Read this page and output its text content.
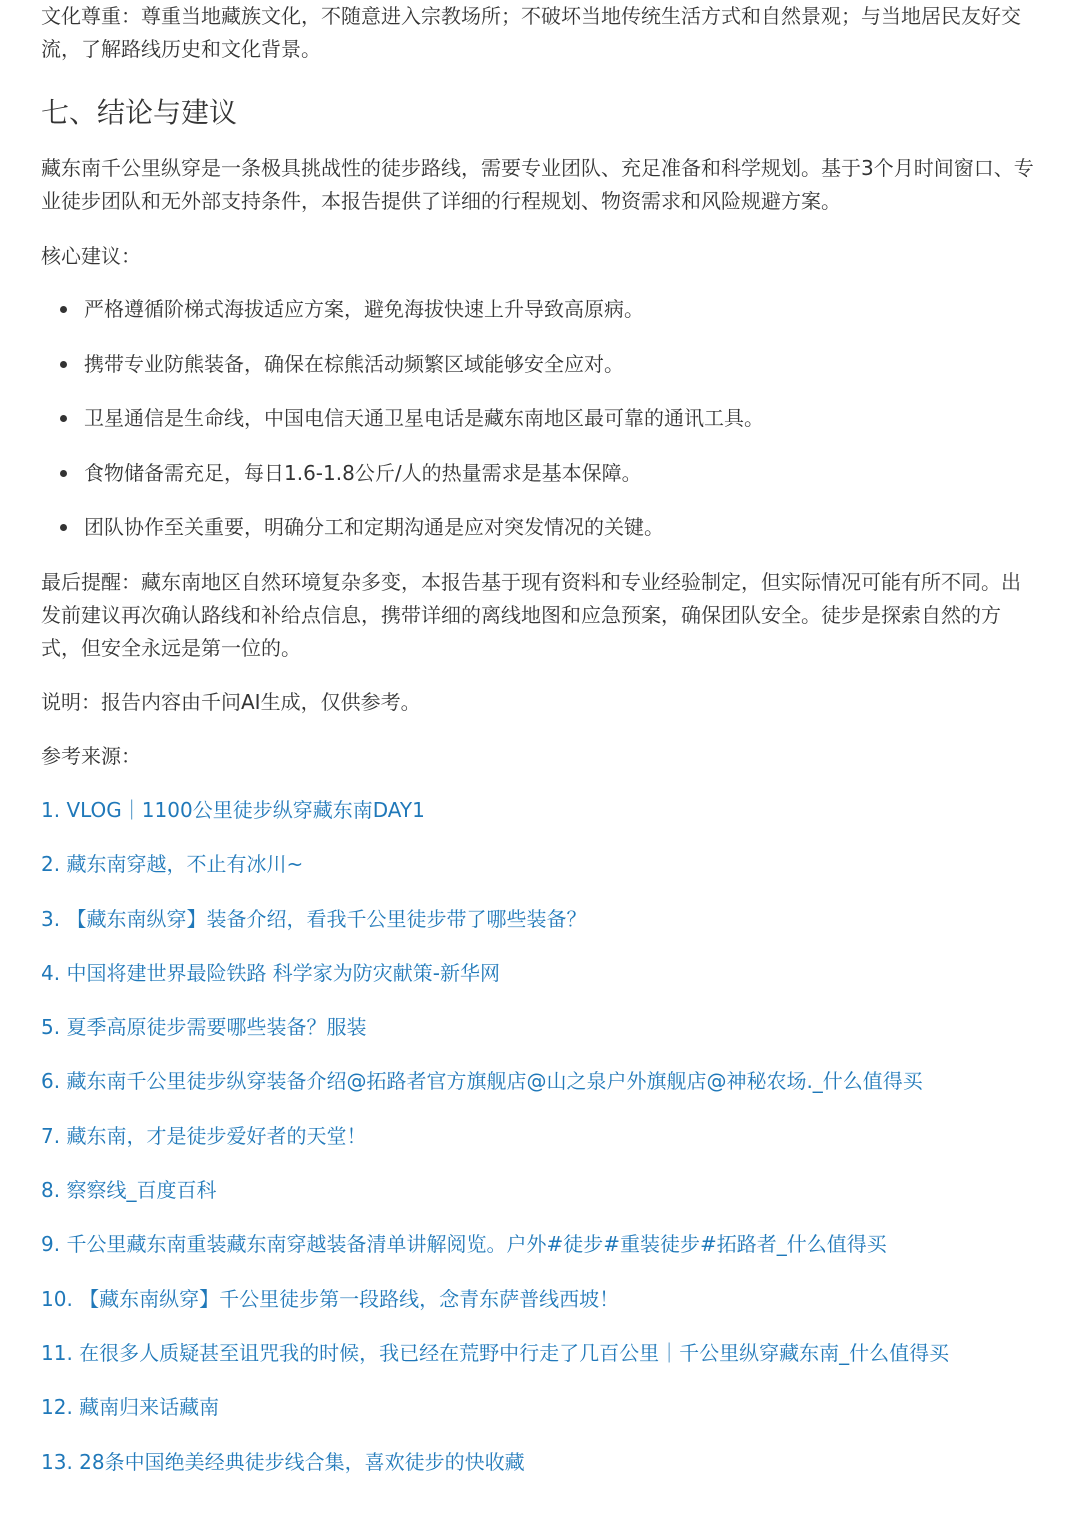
文化尊重：尊重当地藏族文化，不随意进入宗教场所；不破坏当地传统生活方式和自然景观；与当地居民友好交流，了解路线历史和文化背景。

七、结论与建议

藏东南千公里纵穿是一条极具挑战性的徒步路线，需要专业团队、充足准备和科学规划。基于3个月时间窗口、专业徒步团队和无外部支持条件，本报告提供了详细的行程规划、物资需求和风险规避方案。

核心建议：

严格遵循阶梯式海拔适应方案，避免海拔快速上升导致高原病。
携带专业防熊装备，确保在棕熊活动频繁区域能够安全应对。
卫星通信是生命线，中国电信天通卫星电话是藏东南地区最可靠的通讯工具。
食物储备需充足，每日1.6-1.8公斤/人的热量需求是基本保障。
团队协作至关重要，明确分工和定期沟通是应对突发情况的关键。

最后提醒：藏东南地区自然环境复杂多变，本报告基于现有资料和专业经验制定，但实际情况可能有所不同。出发前建议再次确认路线和补给点信息，携带详细的离线地图和应急预案，确保团队安全。徒步是探索自然的方式，但安全永远是第一位的。

说明：报告内容由千问AI生成，仅供参考。

参考来源：

1. VLOG｜1100公里徒步纵穿藏东南DAY1
2. 藏东南穿越，不止有冰川~
3. 【藏东南纵穿】装备介绍，看我千公里徒步带了哪些装备？
4. 中国将建世界最险铁路 科学家为防灾献策-新华网
5. 夏季高原徒步需要哪些装备？服装
6. 藏东南千公里徒步纵穿装备介绍@拓路者官方旗舰店@山之泉户外旗舰店@神秘农场._什么值得买
7. 藏东南，才是徒步爱好者的天堂！
8. 察察线_百度百科
9. 千公里藏东南重装藏东南穿越装备清单讲解阅览。户外#徒步#重装徒步#拓路者_什么值得买
10. 【藏东南纵穿】千公里徒步第一段路线，念青东萨普线西坡！
11. 在很多人质疑甚至诅咒我的时候，我已经在荒野中行走了几百公里｜千公里纵穿藏东南_什么值得买
12. 藏南归来话藏南
13. 28条中国绝美经典徒步线合集，喜欢徒步的快收藏
